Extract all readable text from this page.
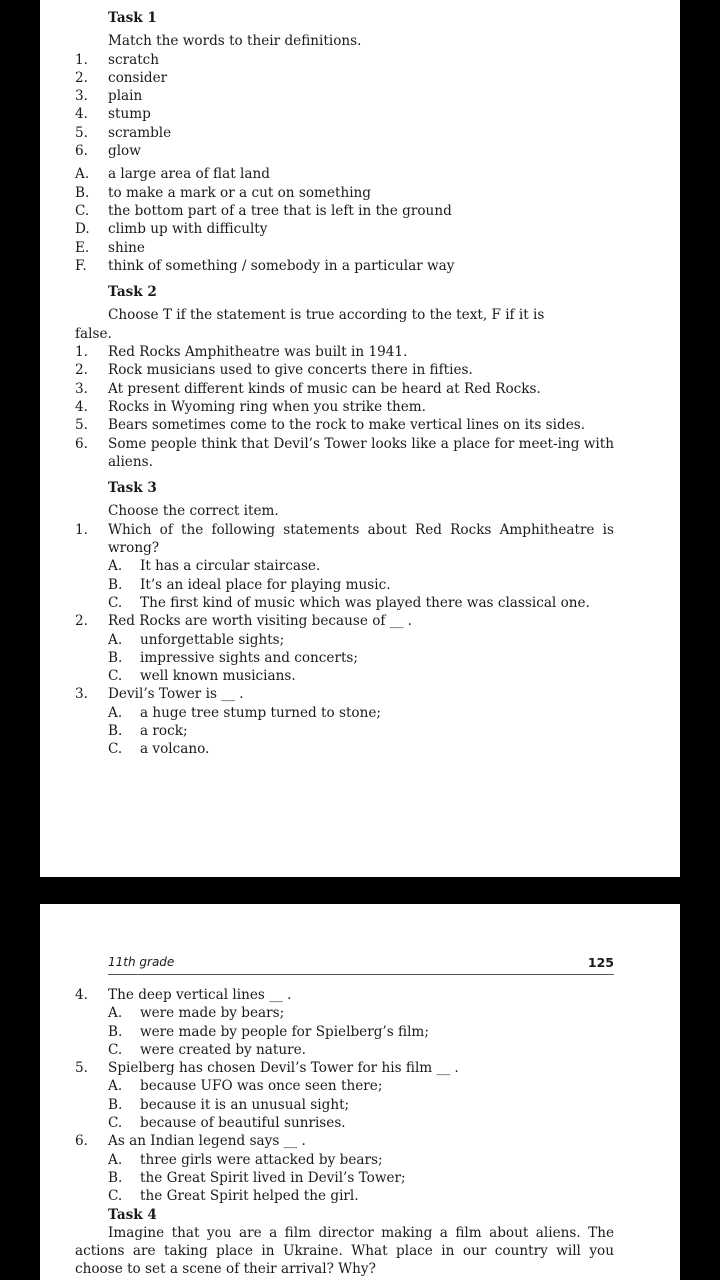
Task 1

Match the words to their definitions.
1. scratch
2. consider
3. plain
4. stump
5. scramble
6. glow
A. a large area of flat land
B. to make a mark or a cut on something
C. the bottom part of a tree that is left in the ground
D. climb up with difficulty
E. shine
F. think of something / somebody in a particular way

Task 2

Choose T if the statement is true according to the text, F if it is
false.
1. Red Rocks Amphitheatre was built in 1941.
2. Rock musicians used to give concerts there in fifties.
3. At present different kinds of music can be heard at Red Rocks.
4. Rocks in Wyoming ring when you strike them.
5. Bears sometimes come to the rock to make vertical lines on its sides.
6. Some people think that Devil’s Tower looks like a place for meet-ing with aliens.

Task 3

Choose the correct item.
1. Which of the following statements about Red Rocks Amphitheatre is wrong?
A. It has a circular staircase.
B. It’s an ideal place for playing music.
C. The first kind of music which was played there was classical one.
2. Red Rocks are worth visiting because of __ .
A. unforgettable sights;
B. impressive sights and concerts;
C. well known musicians.
3. Devil’s Tower is __ .
A. a huge tree stump turned to stone;
B. a rock;
C. a volcano.
11th grade	125
4. The deep vertical lines __ .
A. were made by bears;
B. were made by people for Spielberg’s film;
C. were created by nature.
5. Spielberg has chosen Devil’s Tower for his film __ .
A. because UFO was once seen there;
B. because it is an unusual sight;
C. because of beautiful sunrises.
6. As an Indian legend says __ .
A. three girls were attacked by bears;
B. the Great Spirit lived in Devil’s Tower;
C. the Great Spirit helped the girl.

Task 4

Imagine that you are a film director making a film about aliens. The actions are taking place in Ukraine. What place in our country will you choose to set a scene of their arrival? Why?
